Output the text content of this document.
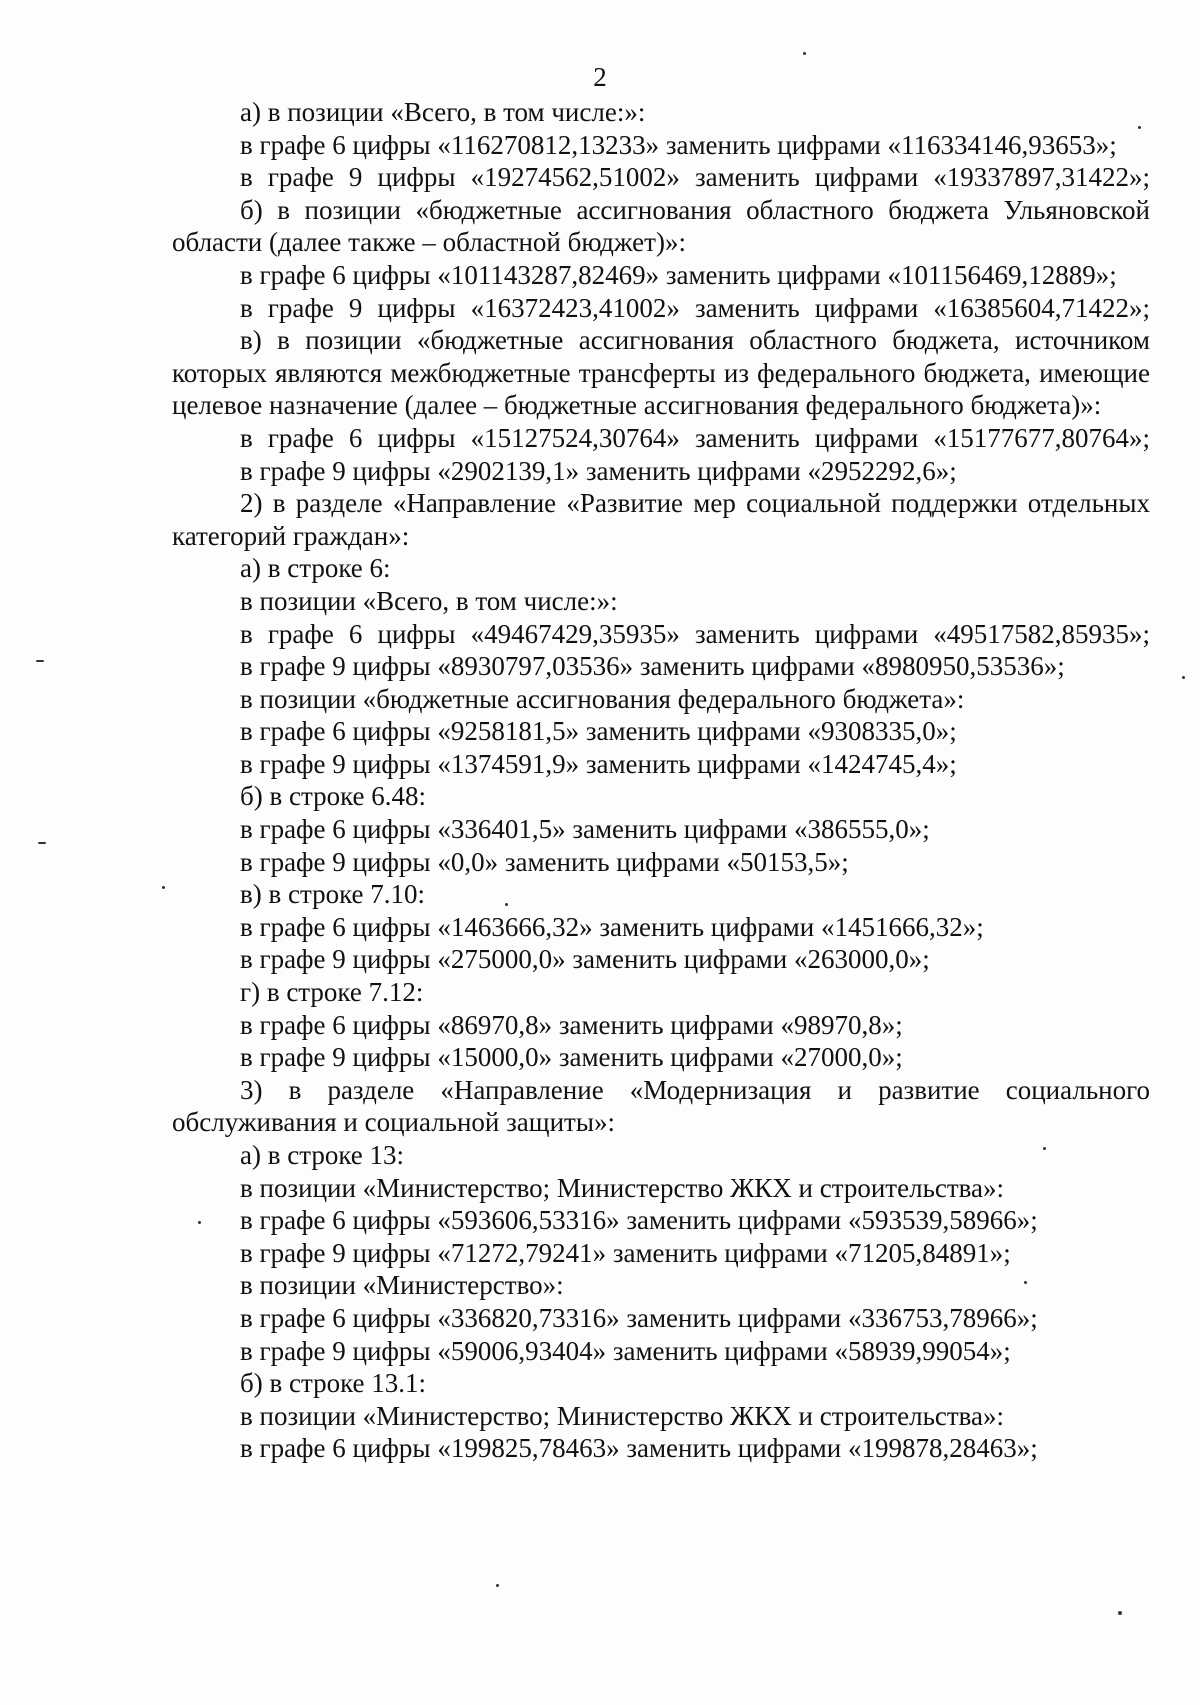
2

а) в позиции «Всего, в том числе:»:

в графе 6 цифры «116270812,13233» заменить цифрами «116334146,93653»;

в графе 9 цифры «19274562,51002» заменить цифрами «19337897,31422»;

б) в позиции «бюджетные ассигнования областного бюджета Ульяновской области (далее также – областной бюджет)»:

в графе 6 цифры «101143287,82469» заменить цифрами «101156469,12889»;

в графе 9 цифры «16372423,41002» заменить цифрами «16385604,71422»;

в) в позиции «бюджетные ассигнования областного бюджета, источником которых являются межбюджетные трансферты из федерального бюджета, имеющие целевое назначение (далее – бюджетные ассигнования федерального бюджета)»:

в графе 6 цифры «15127524,30764» заменить цифрами «15177677,80764»;

в графе 9 цифры «2902139,1» заменить цифрами «2952292,6»;

2) в разделе «Направление «Развитие мер социальной поддержки отдельных категорий граждан»:

а) в строке 6:

в позиции «Всего, в том числе:»:

в графе 6 цифры «49467429,35935» заменить цифрами «49517582,85935»;

в графе 9 цифры «8930797,03536» заменить цифрами «8980950,53536»;

в позиции «бюджетные ассигнования федерального бюджета»:

в графе 6 цифры «9258181,5» заменить цифрами «9308335,0»;

в графе 9 цифры «1374591,9» заменить цифрами «1424745,4»;

б) в строке 6.48:

в графе 6 цифры «336401,5» заменить цифрами «386555,0»;

в графе 9 цифры «0,0» заменить цифрами «50153,5»;

в) в строке 7.10:

в графе 6 цифры «1463666,32» заменить цифрами «1451666,32»;

в графе 9 цифры «275000,0» заменить цифрами «263000,0»;

г) в строке 7.12:

в графе 6 цифры «86970,8» заменить цифрами «98970,8»;

в графе 9 цифры «15000,0» заменить цифрами «27000,0»;

3) в разделе «Направление «Модернизация и развитие социального обслуживания и социальной защиты»:

а) в строке 13:

в позиции «Министерство; Министерство ЖКХ и строительства»:

в графе 6 цифры «593606,53316» заменить цифрами «593539,58966»;

в графе 9 цифры «71272,79241» заменить цифрами «71205,84891»;

в позиции «Министерство»:

в графе 6 цифры «336820,73316» заменить цифрами «336753,78966»;

в графе 9 цифры «59006,93404» заменить цифрами «58939,99054»;

б) в строке 13.1:

в позиции «Министерство; Министерство ЖКХ и строительства»:

в графе 6 цифры «199825,78463» заменить цифрами «199878,28463»;
